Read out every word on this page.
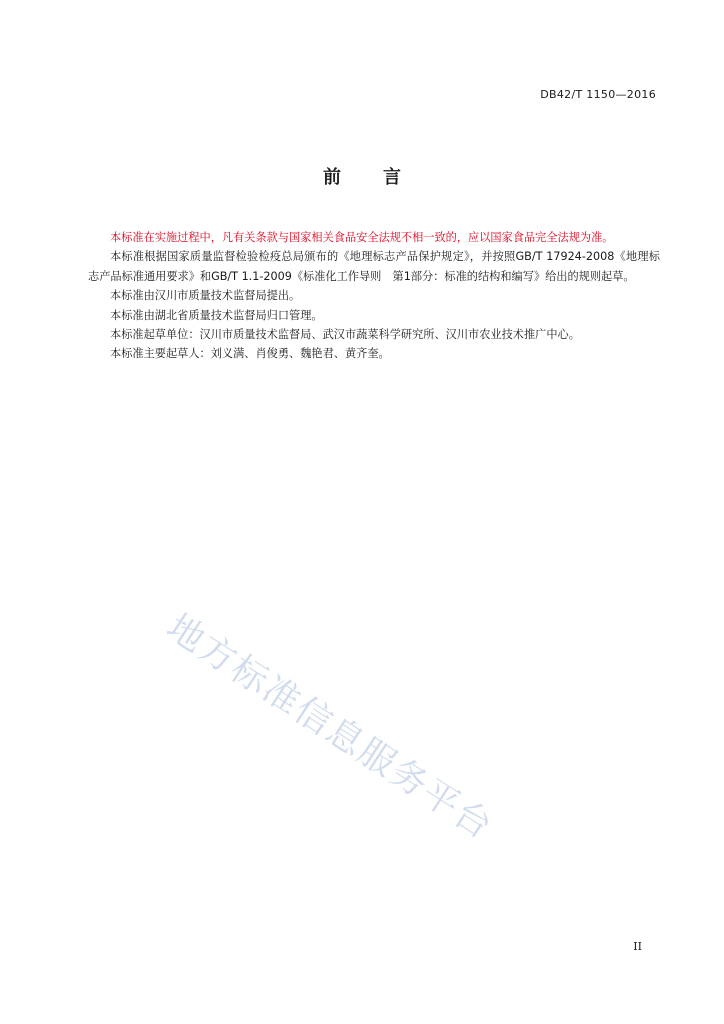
DB42/T 1150—2016
前 言

本标准在实施过程中，凡有关条款与国家相关食品安全法规不相一致的，应以国家食品完全法规为准。

本标准根据国家质量监督检验检疫总局颁布的《地理标志产品保护规定》，并按照GB/T 17924-2008《地理标志产品标准通用要求》和GB/T 1.1-2009《标准化工作导则　第1部分：标准的结构和编写》给出的规则起草。

本标准由汉川市质量技术监督局提出。

本标准由湖北省质量技术监督局归口管理。

本标准起草单位：汉川市质量技术监督局、武汉市蔬菜科学研究所、汉川市农业技术推广中心。

本标准主要起草人：刘义满、肖俊勇、魏艳君、黄齐奎。

地方标准信息服务平台
II
